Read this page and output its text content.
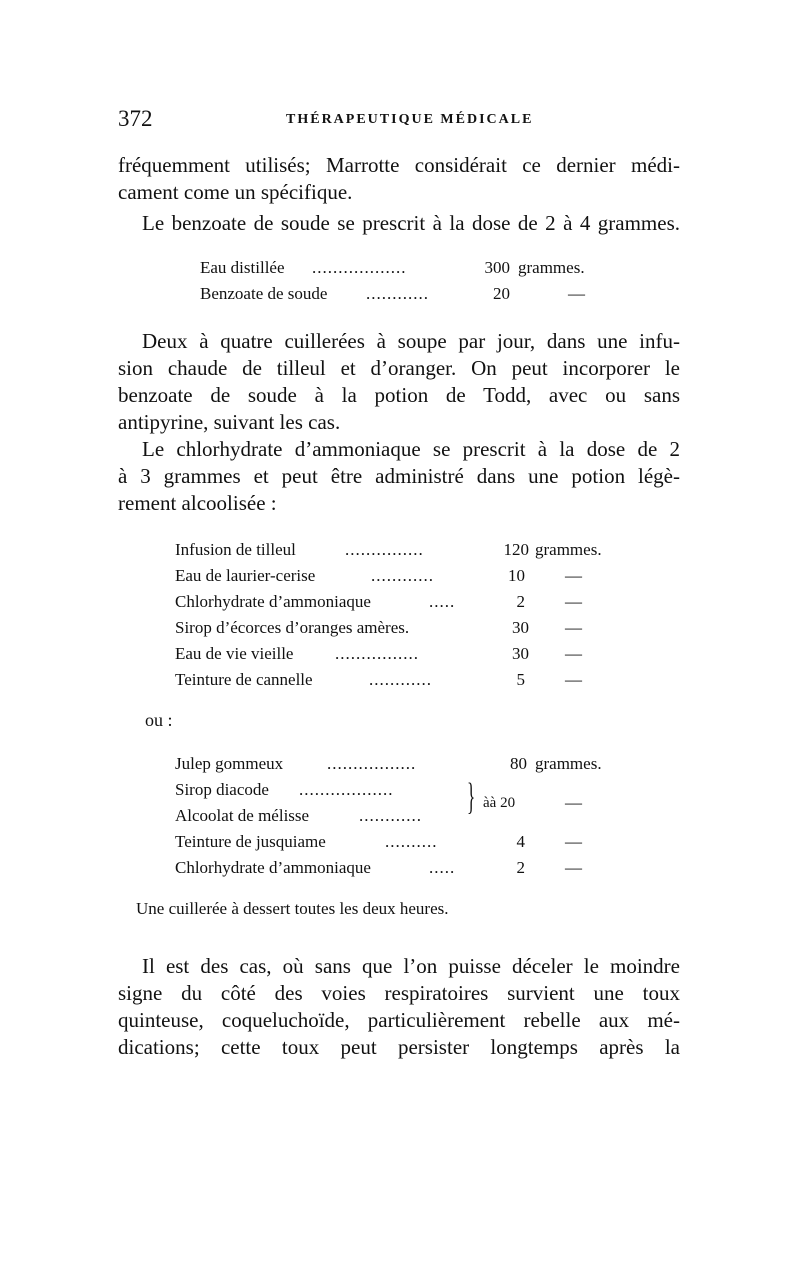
372	THÉRAPEUTIQUE MÉDICALE
fréquemment utilisés; Marrotte considérait ce dernier médi-
cament come un spécifique.
Le benzoate de soude se prescrit à la dose de 2 à 4 grammes.
Eau distillée ..................	300 grammes.
Benzoate de soude ............	20	—
Deux à quatre cuillerées à soupe par jour, dans une infu-
sion chaude de tilleul et d’oranger. On peut incorporer le
benzoate de soude à la potion de Todd, avec ou sans
antipyrine, suivant les cas.
Le chlorhydrate d’ammoniaque se prescrit à la dose de 2
à 3 grammes et peut être administré dans une potion légè-
rement alcoolisée :
Infusion de tilleul	...............	120 grammes.
Eau de laurier-cerise	............	10 —
Chlorhydrate d’ammoniaque	.....	2 —
Sirop d’écorces d’oranges amères.	30 —
Eau de vie vieille ................	30 —
Teinture de cannelle	............	5 —
ou :
Julep gommeux	.................	80 grammes.
Sirop diacode ..................
Alcoolat de mélisse	............ } àà 20	—
Teinture de jusquiame	..........	4 —
Chlorhydrate d’ammoniaque	.....	2 —
Une cuillerée à dessert toutes les deux heures.
Il est des cas, où sans que l’on puisse déceler le moindre
signe du côté des voies respiratoires survient une toux
quinteuse, coqueluchoïde, particulièrement rebelle aux mé-
dications; cette toux peut persister longtemps après la
